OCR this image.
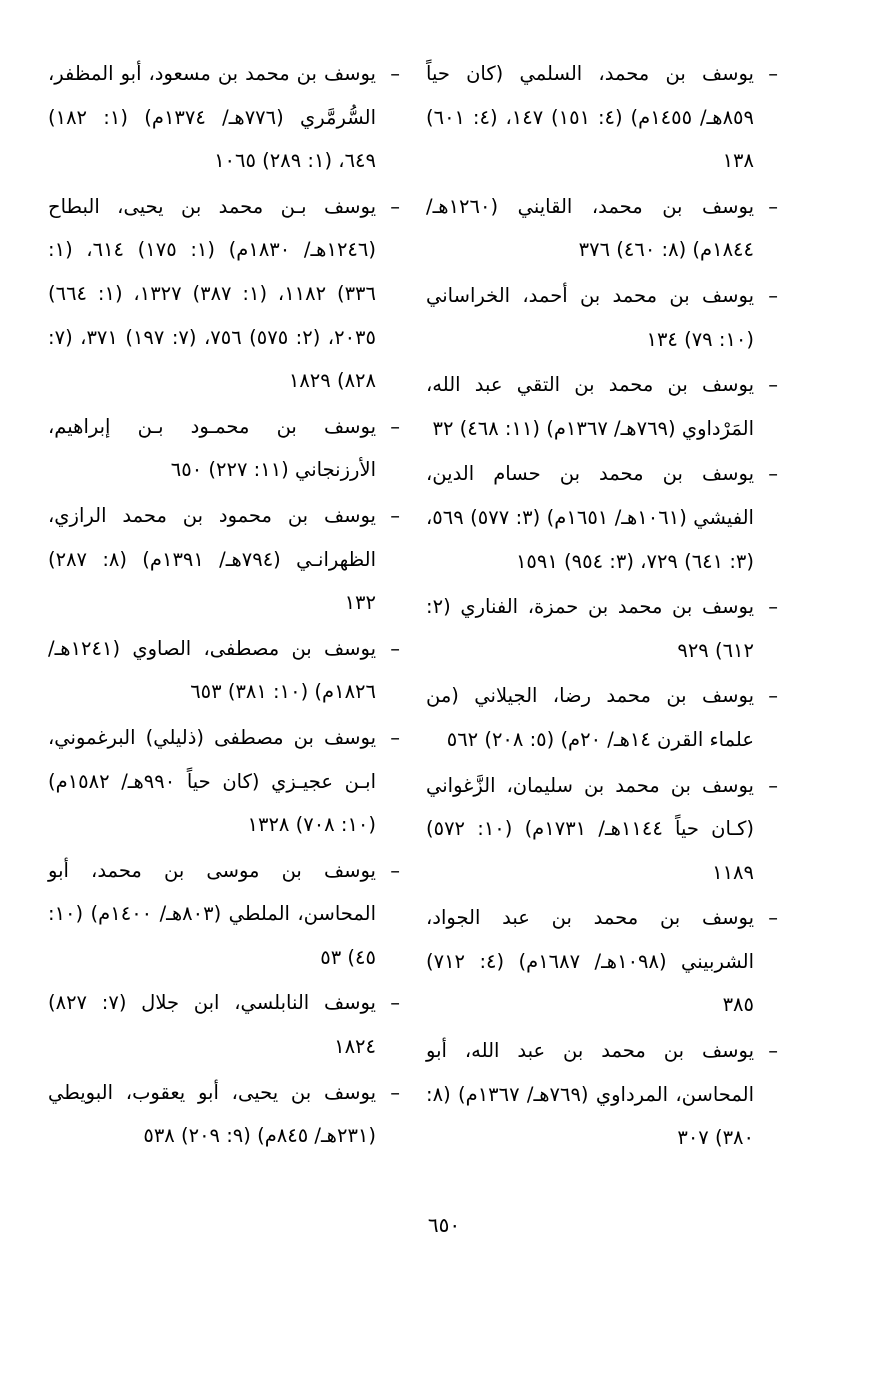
–
يوسف بن محمد، السلمي (كان حياً ٨٥٩هـ/ ١٤٥٥م) (٤: ١٥١) ١٤٧، (٤: ٦٠١) ١٣٨
–
يوسف بن محمد، القايني (١٢٦٠هـ/ ١٨٤٤م) (٨: ٤٦٠) ٣٧٦
–
يوسف بن محمد بن أحمد، الخراساني (١٠: ٧٩) ١٣٤
–
يوسف بن محمد بن التقي عبد الله، المَرْداوي (٧٦٩هـ/ ١٣٦٧م) (١١: ٤٦٨) ٣٢
–
يوسف بن محمد بن حسام الدين، الفيشي (١٠٦١هـ/ ١٦٥١م) (٣: ٥٧٧) ٥٦٩، (٣: ٦٤١) ٧٢٩، (٣: ٩٥٤) ١٥٩١
–
يوسف بن محمد بن حمزة، الفناري (٢: ٦١٢) ٩٢٩
–
يوسف بن محمد رضا، الجيلاني (من علماء القرن ١٤هـ/ ٢٠م) (٥: ٢٠٨) ٥٦٢
–
يوسف بن محمد بن سليمان، الزَّغواني (كـان حياً ١١٤٤هـ/ ١٧٣١م) (١٠: ٥٧٢) ١١٨٩
–
يوسف بن محمد بن عبد الجواد، الشربيني (١٠٩٨هـ/ ١٦٨٧م) (٤: ٧١٢) ٣٨٥
–
يوسف بن محمد بن عبد الله، أبو المحاسن، المرداوي (٧٦٩هـ/ ١٣٦٧م) (٨: ٣٨٠) ٣٠٧
–
يوسف بن محمد بن مسعود، أبو المظفر، السُّرمَّري (٧٧٦هـ/ ١٣٧٤م) (١: ١٨٢) ٦٤٩، (١: ٢٨٩) ١٠٦٥
–
يوسف بـن محمد بن يحيى، البطاح (١٢٤٦هـ/ ١٨٣٠م) (١: ١٧٥) ٦١٤، (١: ٣٣٦) ١١٨٢، (١: ٣٨٧) ١٣٢٧، (١: ٦٦٤) ٢٠٣٥، (٢: ٥٧٥) ٧٥٦، (٧: ١٩٧) ٣٧١، (٧: ٨٢٨) ١٨٢٩
–
يوسف بن محمـود بـن إبراهيم، الأرزنجاني (١١: ٢٢٧) ٦٥٠
–
يوسف بن محمود بن محمد الرازي، الظهرانـي (٧٩٤هـ/ ١٣٩١م) (٨: ٢٨٧) ١٣٢
–
يوسف بن مصطفى، الصاوي (١٢٤١هـ/ ١٨٢٦م) (١٠: ٣٨١) ٦٥٣
–
يوسف بن مصطفى (ذليلي) البرغموني، ابـن عجيـزي (كان حياً ٩٩٠هـ/ ١٥٨٢م) (١٠: ٧٠٨) ١٣٢٨
–
يوسف بن موسى بن محمد، أبو المحاسن، الملطي (٨٠٣هـ/ ١٤٠٠م) (١٠: ٤٥) ٥٣
–
يوسف النابلسي، ابن جلال (٧: ٨٢٧) ١٨٢٤
–
يوسف بن يحيى، أبو يعقوب، البويطي (٢٣١هـ/ ٨٤٥م) (٩: ٢٠٩) ٥٣٨
٦٥٠
